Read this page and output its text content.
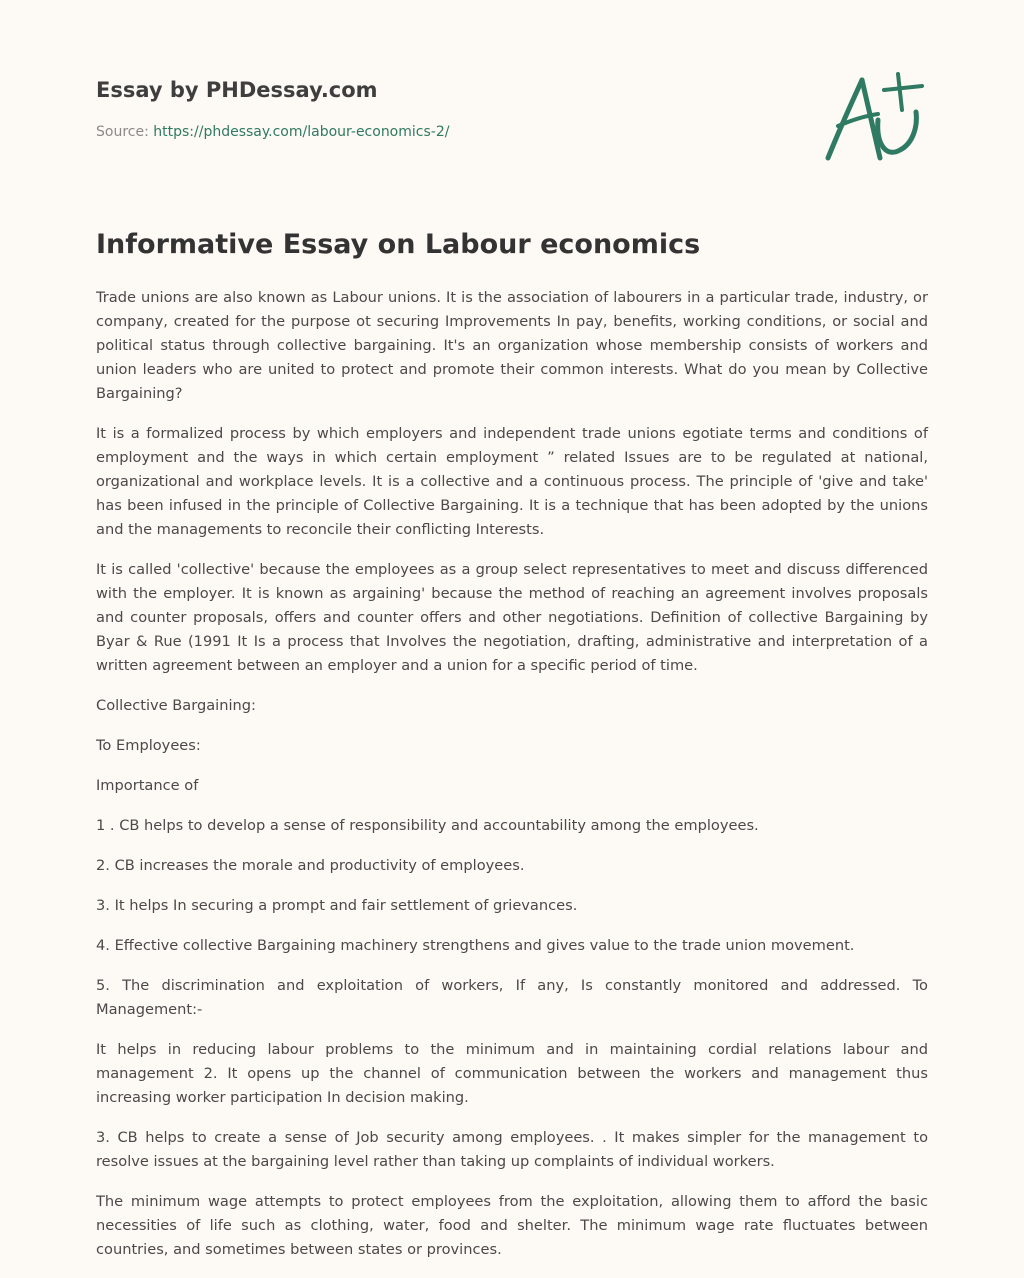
Essay by PHDessay.com
Source: https://phdessay.com/labour-economics-2/
Informative Essay on Labour economics

Trade unions are also known as Labour unions. It is the association of labourers in a particular trade, industry, or company, created for the purpose ot securing Improvements In pay, benefits, working conditions, or social and political status through collective bargaining. It's an organization whose membership consists of workers and union leaders who are united to protect and promote their common interests. What do you mean by Collective Bargaining?

It is a formalized process by which employers and independent trade unions egotiate terms and conditions of employment and the ways in which certain employment ” related Issues are to be regulated at national, organizational and workplace levels. It is a collective and a continuous process. The principle of 'give and take' has been infused in the principle of Collective Bargaining. It is a technique that has been adopted by the unions and the managements to reconcile their conflicting Interests.

It is called 'collective' because the employees as a group select representatives to meet and discuss differenced with the employer. It is known as argaining' because the method of reaching an agreement involves proposals and counter proposals, offers and counter offers and other negotiations. Definition of collective Bargaining by Byar & Rue (1991 It Is a process that Involves the negotiation, drafting, administrative and interpretation of a written agreement between an employer and a union for a specific period of time.

Collective Bargaining:

To Employees:

Importance of

1 . CB helps to develop a sense of responsibility and accountability among the employees.

2. CB increases the morale and productivity of employees.

3. It helps In securing a prompt and fair settlement of grievances.

4. Effective collective Bargaining machinery strengthens and gives value to the trade union movement.

5. The discrimination and exploitation of workers, If any, Is constantly monitored and addressed. To Management:-

It helps in reducing labour problems to the minimum and in maintaining cordial relations labour and management 2. It opens up the channel of communication between the workers and management thus increasing worker participation In decision making.

3. CB helps to create a sense of Job security among employees. . It makes simpler for the management to resolve issues at the bargaining level rather than taking up complaints of individual workers.

The minimum wage attempts to protect employees from the exploitation, allowing them to afford the basic necessities of life such as clothing, water, food and shelter. The minimum wage rate fluctuates between countries, and sometimes between states or provinces.
